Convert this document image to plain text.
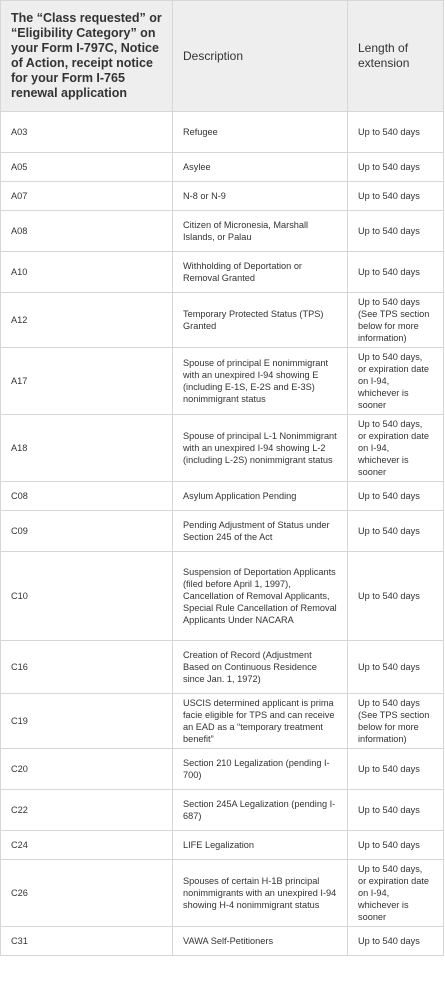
The “Class requested” or “Eligibility Category” on your Form I-797C, Notice of Action, receipt notice for your Form I-765 renewal application	Description	Length of extension
A03	Refugee	Up to 540 days
A05	Asylee	Up to 540 days
A07	N-8 or N-9	Up to 540 days
A08	Citizen of Micronesia, Marshall Islands, or Palau	Up to 540 days
A10	Withholding of Deportation or Removal Granted	Up to 540 days
A12	Temporary Protected Status (TPS) Granted	Up to 540 days (See TPS section below for more information)
A17	Spouse of principal E nonimmigrant with an unexpired I-94 showing E (including E-1S, E-2S and E-3S) nonimmigrant status	Up to 540 days, or expiration date on I-94, whichever is sooner
A18	Spouse of principal L-1 Nonimmigrant with an unexpired I-94 showing L-2 (including L-2S) nonimmigrant status	Up to 540 days, or expiration date on I-94, whichever is sooner
C08	Asylum Application Pending	Up to 540 days
C09	Pending Adjustment of Status under Section 245 of the Act	Up to 540 days
C10	Suspension of Deportation Applicants (filed before April 1, 1997), Cancellation of Removal Applicants, Special Rule Cancellation of Removal Applicants Under NACARA	Up to 540 days
C16	Creation of Record (Adjustment Based on Continuous Residence since Jan. 1, 1972)	Up to 540 days
C19	USCIS determined applicant is prima facie eligible for TPS and can receive an EAD as a “temporary treatment benefit”	Up to 540 days (See TPS section below for more information)
C20	Section 210 Legalization (pending I-700)	Up to 540 days
C22	Section 245A Legalization (pending I-687)	Up to 540 days
C24	LIFE Legalization	Up to 540 days
C26	Spouses of certain H-1B principal nonimmigrants with an unexpired I-94 showing H-4 nonimmigrant status	Up to 540 days, or expiration date on I-94, whichever is sooner
C31	VAWA Self-Petitioners	Up to 540 days
